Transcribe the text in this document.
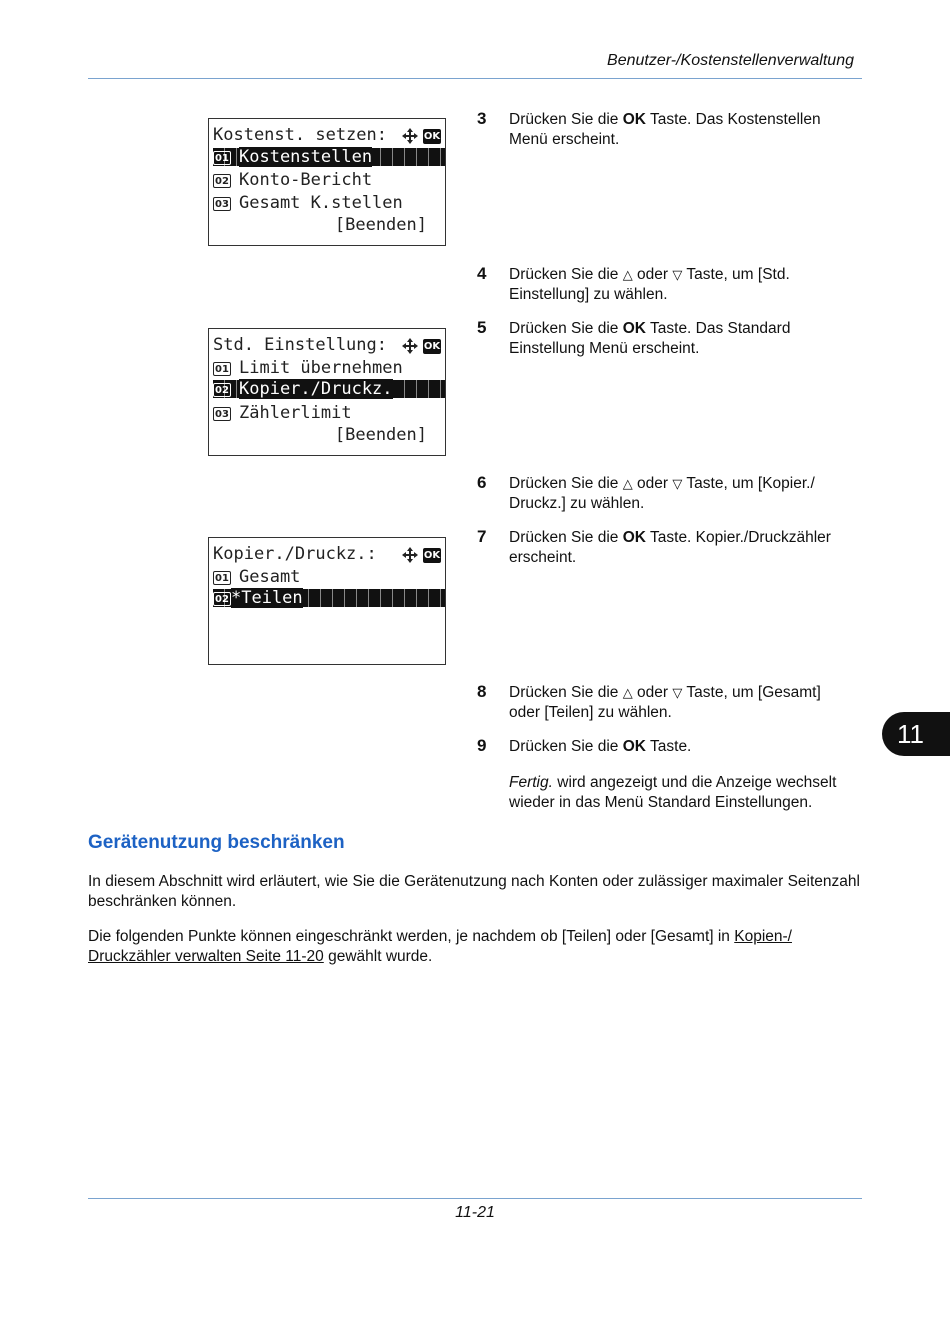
Benutzer-/Kostenstellenverwaltung
Kostenst. setzen:	OK
01 Kostenstellen
02 Konto-Bericht
03 Gesamt K.stellen
[Beenden]
Std. Einstellung:	OK
01 Limit übernehmen
02 Kopier./Druckz.
03 Zählerlimit
[Beenden]
Kopier./Druckz.:	OK
01 Gesamt
02 *Teilen
3 Drücken Sie die OK Taste. Das Kostenstellen Menü erscheint.
4 Drücken Sie die △ oder ▽ Taste, um [Std. Einstellung] zu wählen.
5 Drücken Sie die OK Taste. Das Standard Einstellung Menü erscheint.
6 Drücken Sie die △ oder ▽ Taste, um [Kopier./ Druckz.] zu wählen.
7 Drücken Sie die OK Taste. Kopier./Druckzähler erscheint.
8 Drücken Sie die △ oder ▽ Taste, um [Gesamt] oder [Teilen] zu wählen.
9 Drücken Sie die OK Taste.
Fertig. wird angezeigt und die Anzeige wechselt wieder in das Menü Standard Einstellungen.
11
Gerätenutzung beschränken
In diesem Abschnitt wird erläutert, wie Sie die Gerätenutzung nach Konten oder zulässiger maximaler Seitenzahl beschränken können.
Die folgenden Punkte können eingeschränkt werden, je nachdem ob [Teilen] oder [Gesamt] in Kopien-/ Druckzähler verwalten Seite 11-20 gewählt wurde.
11-21
